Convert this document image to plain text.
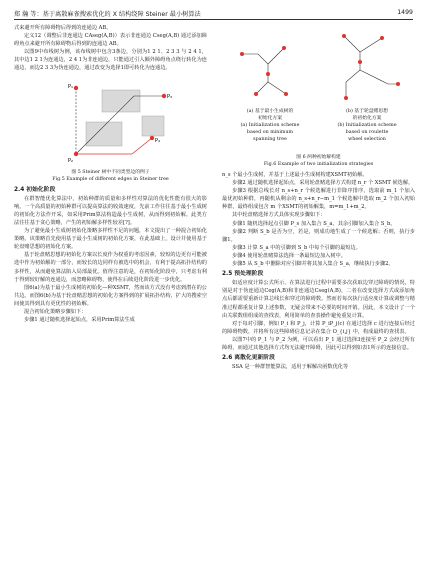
郑 瀚 等：基于离散麻雀搜索优化的 X 结构绕障 Steiner 最小树算法	1499

式来避开所有障碍物后得到的连通边 AB。

定义12（调整后非连通边 CAseg(A,B)）表示非连通边 Cseg(A,B) 通过添加障碍角点来避开所有障碍物后得到的连通边 AB。

以图9中布线树为例，该布线树中包含3条边，分别为1 2 1、2 3 3 与 2 4 1，其中边1 2 1为连通边，2 4 1为非连通边，只能通过引入额外障碍角点绕行转化为连通边，而边2 3 3为伪连通边，通过改变为选择1即可转化为连通边。

P₁
P₂
P₃
P₄
图 5 Steiner 树中不同类型边的例子
Fig.5 Example of different edges in Steiner tree
2.4 初始化阶段

在群智能优化算法中，初始种群的质量和多样性对算法的优化性能有很大的影响。一个高质量的初始种群可以提高算法的收敛速度，先前工作往往基于最小生成树的初始化方法作开采，如采用Prim算法构造最小生成树，从而得到初始解。此类方法往往基于贪心策略，产生的初始解多样性较差[?]。

为了避免最小生成树初始化策略多样性不足的问题，本文提出了一种混合初始化策略。该策略首先使用基于最小生成树的初始化方案，在此基础上，设计并使用基于轮盘赌思想的初始化方案。

基于轮盘赌思想的初始化方案以长度作为权重的考虑因素，较短的边更有可能被选中作为初始解的一部分，而较长的边同样有被选中的机会，有利于提高拓扑结构的多样性，从而避免算法陷入局部最优。值得注意的是，在初始化阶段中，只考虑有利于得到较好解的连通边，而忽略障碍物，使得在后续进化阶段进一步优化。

图6(a)为基于最小生成树的初始化—种XSMT，然而该方式没有考虑到潜在的公共边。而图6(b)为基于轮盘赌思想的初始化方案得到的扩展拓扑结构，扩大的搜索空间使其得到具有更优性的初始解。

混合初始化策略步骤如下：

步骤1 通过随机选择起始点，采用Prim算法生成

(a) 基于最小生成树的
初始化方案
(a) Initialization scheme
based on minimum
spanning tree
(b) 基于轮盘赌思想
的初始化方案
(b) Initialization scheme
based on roulette
wheel selection
图 6 两种初始解构建
Fig.6 Example of two initialization strategies

n_s 个最小生成树，并基于上述最小生成树构建XSMT初始解。

步骤2 通过随机选择起始点，采用轮盘赌选择方式构建 n_r 个 XSMT 候选解。

步骤3 根据总线长对 n_s+n_r 个候选解进行非降序排序，选取前 m_1 个加入最优初始种群，再随机从剩余的 n_s+n_r−m_1 个候选解中选取 m_2 个加入初始种群，最终组成包含 m 个XSMT的初始解集，m=m_1+m_2。

其中轮盘赌选择方式具体实现步骤如下：

步骤1 随机选择起点引脚 P_s 加入集合 S_a，其余引脚加入集合 S_b。

步骤2 判断 S_b 是否为空，若是，则成功地生成了一个候选解；否则，执行步骤1。

步骤3 计算 S_a 中的引脚到 S_b 中每个引脚的最短边。

步骤4 使用轮盘赌算法选择一条最短边加入树中。

步骤5 从 S_b 中删除对应引脚并将其加入集合 S_a，继续执行步骤2。

2.5 预处理阶段

如适应度计算公式所示，在算法进行过程中需要多次获取边穿过障碍的情况，特别是对于伪连通边Ceg(A,B)和非连通边Cseg(A,B)，二者在改变选择方式或添加角点后都需要重新计算总线长和穿过的障碍数。然而若每次执行适应度计算或调整与精准过程都重复计算上述参数，无疑会带来不必要的时间开销。因此，本文设计了一个由关联数组组成的查找表，利用简单的查表操作避免重复计算。

对于每对引脚，例如 P_i 和 P_j，计算 P_iP_j(c) 在通过选择 c 进行连接后经过的障碍物数，并将所有这些障碍信息记录在集合 O_{i,j} 中，构成最终的查找表。

以图7中的 P_1 与 P_2 为例，可以看出 P_1 通过选择3连接至 P_2 会经过所有障碍，而通过其他选择方式均无法避开障碍，因此可以得到如表1所示的连接信息。

2.6 离散化更新阶段

SSA 是一种群智能算法，适用于解解决函数优化等
